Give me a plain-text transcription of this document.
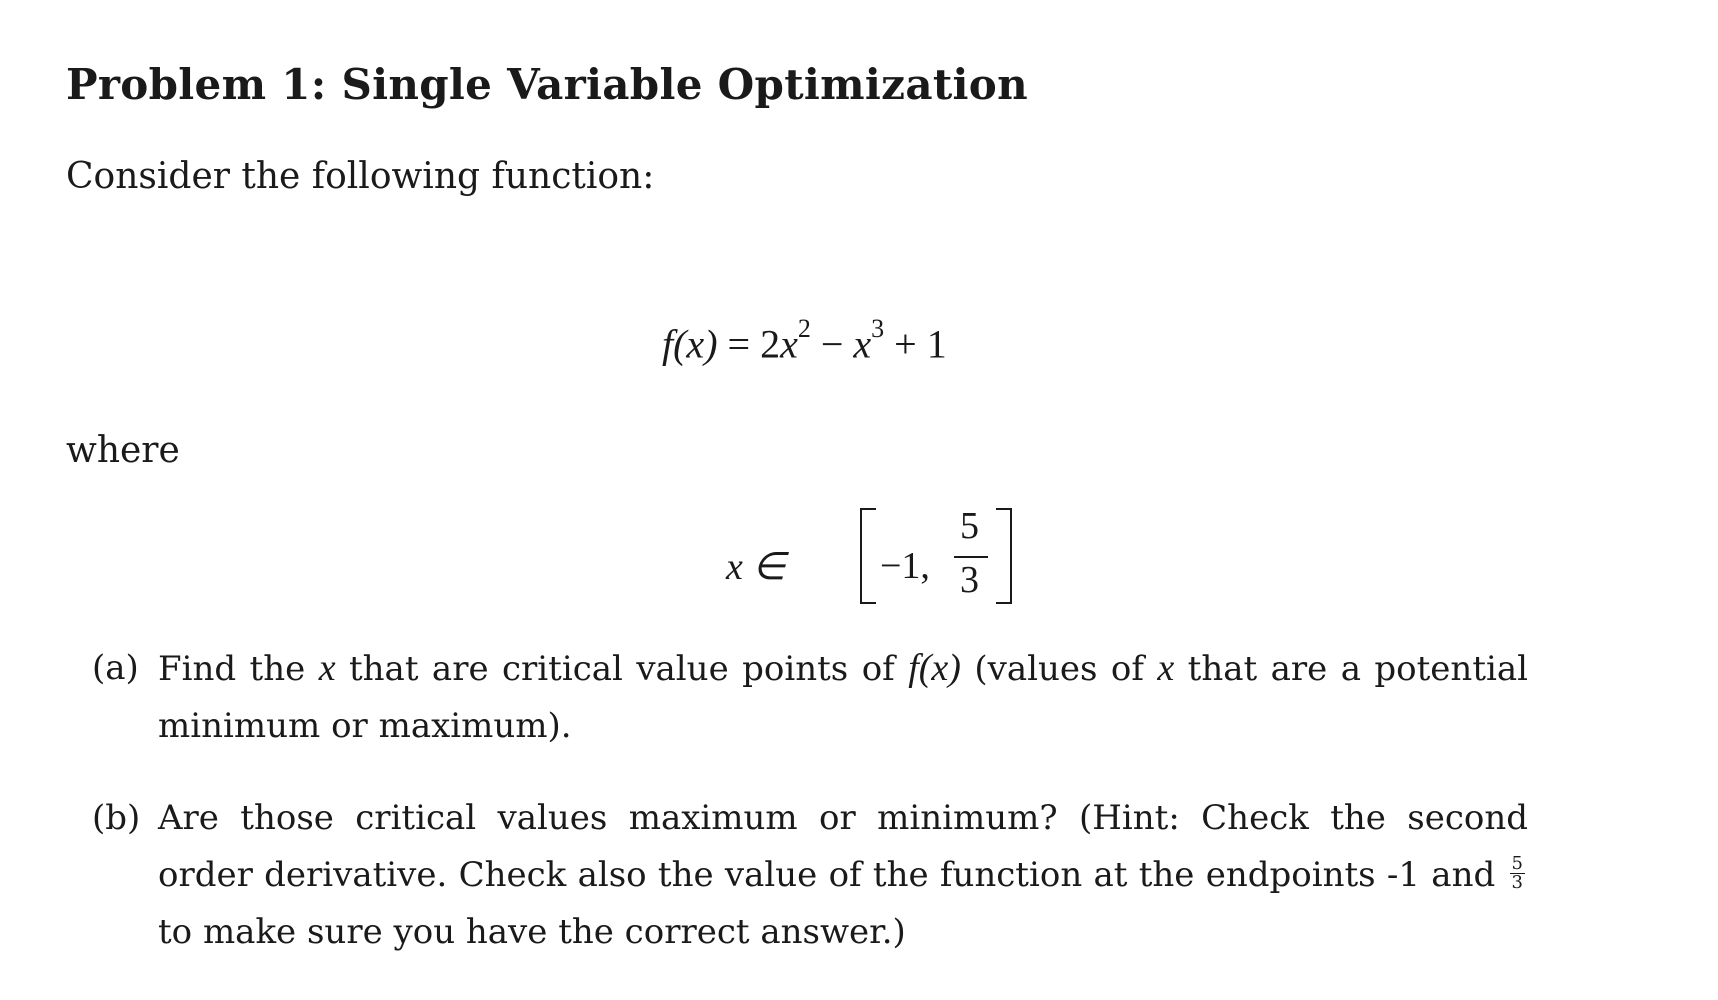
Problem 1: Single Variable Optimization
Consider the following function:
$f(x) = 2x^2 - x^3 + 1$
where
x ∈ −1,
5
3
(a) Find the x that are critical value points of f(x) (values of x that are a potential minimum or maximum).
(b) Are those critical values maximum or minimum? (Hint: Check the second order derivative. Check also the value of the function at the endpoints -1 and $\frac{5}{3}$
to make sure you have the correct answer.)
